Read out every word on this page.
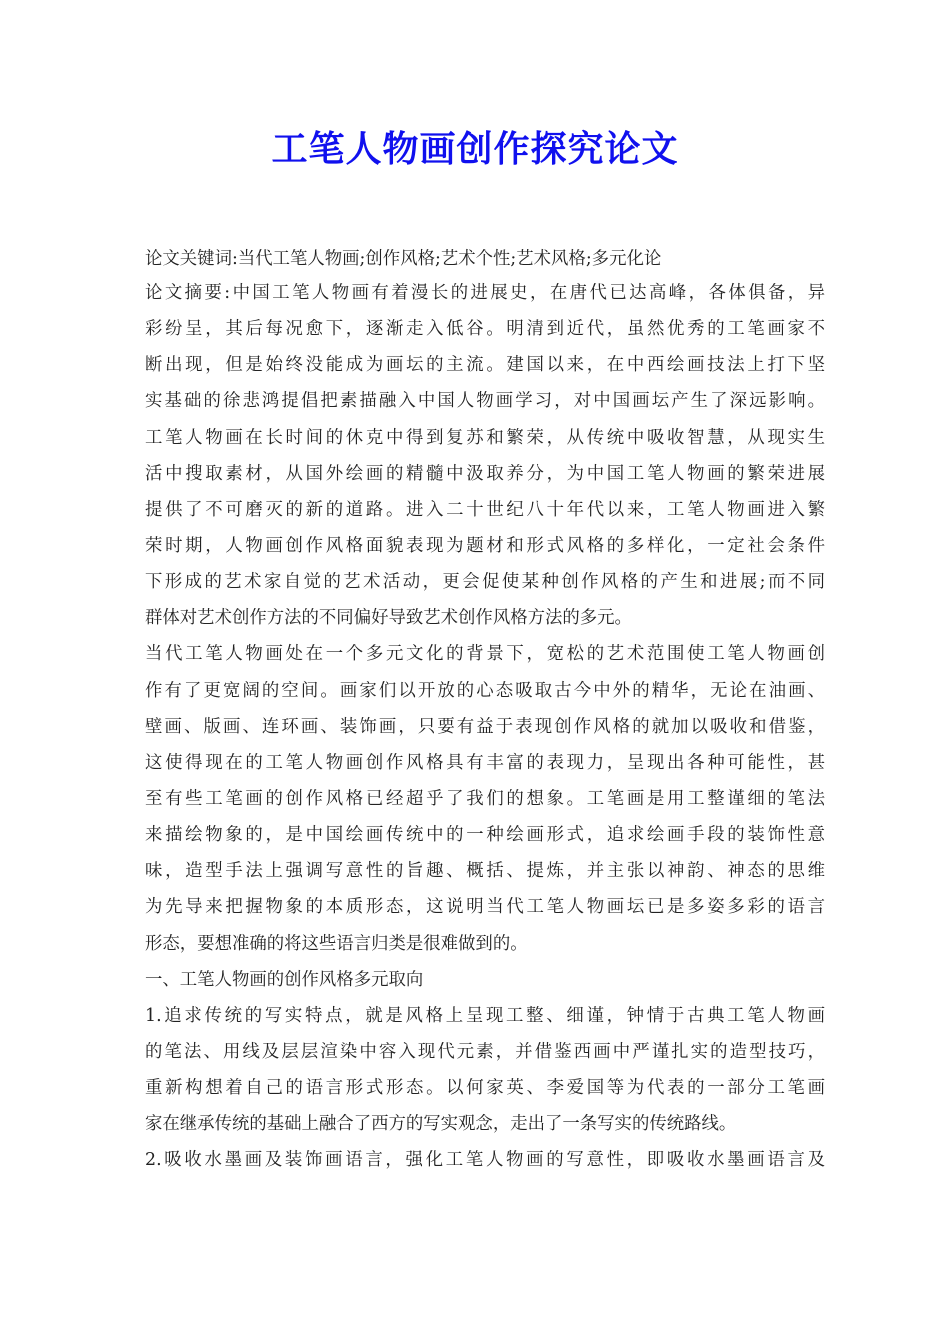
工笔人物画创作探究论文
论文关键词:当代工笔人物画;创作风格;艺术个性;艺术风格;多元化论
论文摘要:中国工笔人物画有着漫长的进展史，在唐代已达高峰，各体俱备，异
彩纷呈，其后每况愈下，逐渐走入低谷。明清到近代，虽然优秀的工笔画家不
断出现，但是始终没能成为画坛的主流。建国以来，在中西绘画技法上打下坚
实基础的徐悲鸿提倡把素描融入中国人物画学习，对中国画坛产生了深远影响。
工笔人物画在长时间的休克中得到复苏和繁荣，从传统中吸收智慧，从现实生
活中搜取素材，从国外绘画的精髓中汲取养分，为中国工笔人物画的繁荣进展
提供了不可磨灭的新的道路。进入二十世纪八十年代以来，工笔人物画进入繁
荣时期，人物画创作风格面貌表现为题材和形式风格的多样化，一定社会条件
下形成的艺术家自觉的艺术活动，更会促使某种创作风格的产生和进展;而不同
群体对艺术创作方法的不同偏好导致艺术创作风格方法的多元。
当代工笔人物画处在一个多元文化的背景下，宽松的艺术范围使工笔人物画创
作有了更宽阔的空间。画家们以开放的心态吸取古今中外的精华，无论在油画、
壁画、版画、连环画、装饰画，只要有益于表现创作风格的就加以吸收和借鉴，
这使得现在的工笔人物画创作风格具有丰富的表现力，呈现出各种可能性，甚
至有些工笔画的创作风格已经超乎了我们的想象。工笔画是用工整谨细的笔法
来描绘物象的，是中国绘画传统中的一种绘画形式，追求绘画手段的装饰性意
味，造型手法上强调写意性的旨趣、概括、提炼，并主张以神韵、神态的思维
为先导来把握物象的本质形态，这说明当代工笔人物画坛已是多姿多彩的语言
形态，要想准确的将这些语言归类是很难做到的。
一、工笔人物画的创作风格多元取向
1.追求传统的写实特点，就是风格上呈现工整、细谨，钟情于古典工笔人物画
的笔法、用线及层层渲染中容入现代元素，并借鉴西画中严谨扎实的造型技巧，
重新构想着自己的语言形式形态。以何家英、李爱国等为代表的一部分工笔画
家在继承传统的基础上融合了西方的写实观念，走出了一条写实的传统路线。
2.吸收水墨画及装饰画语言，强化工笔人物画的写意性，即吸收水墨画语言及
